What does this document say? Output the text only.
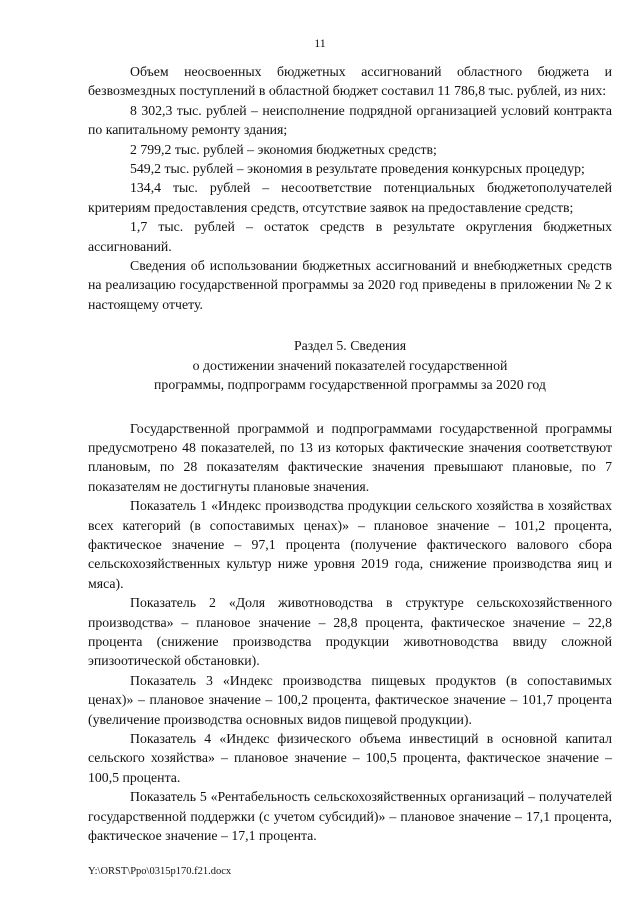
11

Объем неосвоенных бюджетных ассигнований областного бюджета и безвозмездных поступлений в областной бюджет составил 11 786,8 тыс. рублей, из них:

8 302,3 тыс. рублей – неисполнение подрядной организацией условий контракта по капитальному ремонту здания;

2 799,2 тыс. рублей – экономия бюджетных средств;

549,2 тыс. рублей – экономия в результате проведения конкурсных процедур;

134,4 тыс. рублей – несоответствие потенциальных бюджетополучателей критериям предоставления средств, отсутствие заявок на предоставление средств;

1,7 тыс. рублей – остаток средств в результате округления бюджетных ассигнований.

Сведения об использовании бюджетных ассигнований и внебюджетных средств на реализацию государственной программы за 2020 год приведены в приложении № 2 к настоящему отчету.

Раздел 5. Сведения
о достижении значений показателей государственной
программы, подпрограмм государственной программы за 2020 год

Государственной программой и подпрограммами государственной программы предусмотрено 48 показателей, по 13 из которых фактические значения соответствуют плановым, по 28 показателям фактические значения превышают плановые, по 7 показателям не достигнуты плановые значения.

Показатель 1 «Индекс производства продукции сельского хозяйства в хозяйствах всех категорий (в сопоставимых ценах)» – плановое значение – 101,2 процента, фактическое значение – 97,1 процента (получение фактического валового сбора сельскохозяйственных культур ниже уровня 2019 года, снижение производства яиц и мяса).

Показатель 2 «Доля животноводства в структуре сельскохозяйственного производства» – плановое значение – 28,8 процента, фактическое значение – 22,8 процента (снижение производства продукции животноводства ввиду сложной эпизоотической обстановки).

Показатель 3 «Индекс производства пищевых продуктов (в сопоставимых ценах)» – плановое значение – 100,2 процента, фактическое значение – 101,7 процента (увеличение производства основных видов пищевой продукции).

Показатель 4 «Индекс физического объема инвестиций в основной капитал сельского хозяйства» – плановое значение – 100,5 процента, фактическое значение – 100,5 процента.

Показатель 5 «Рентабельность сельскохозяйственных организаций – получателей государственной поддержки (с учетом субсидий)» – плановое значение – 17,1 процента, фактическое значение – 17,1 процента.

Y:\ORST\Ppo\0315p170.f21.docx
